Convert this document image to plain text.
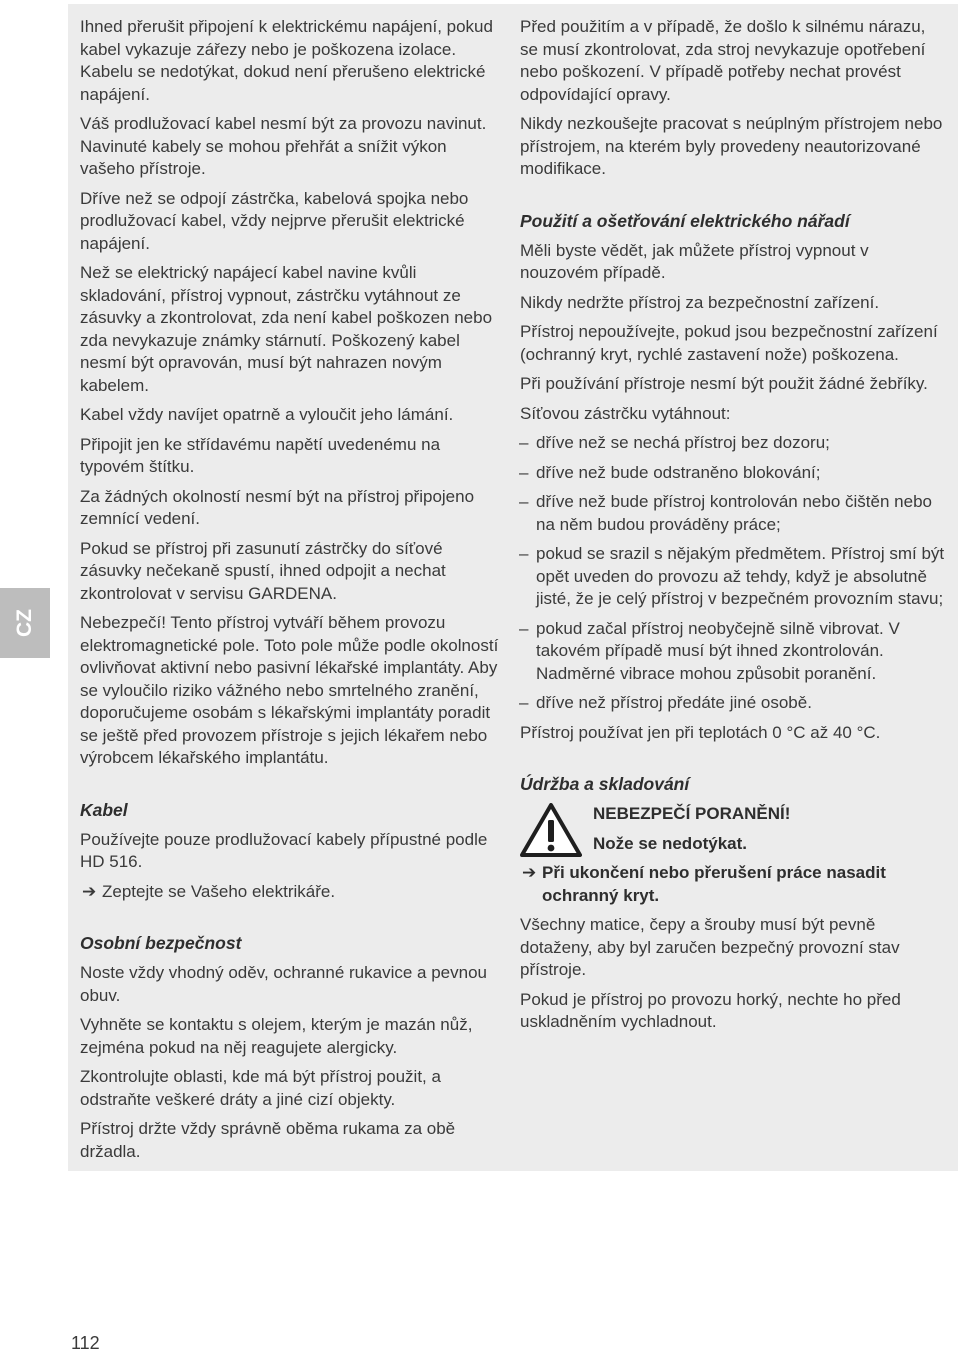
CZ

Ihned přerušit připojení k elektrickému napájení, pokud kabel vykazuje zářezy nebo je poškozena izolace. Kabelu se nedotýkat, dokud není přerušeno elektrické napájení.

Váš prodlužovací kabel nesmí být za provozu navinut. Navinuté kabely se mohou přehřát a snížit výkon vašeho přístroje.

Dříve než se odpojí zástrčka, kabelová spojka nebo prodlužovací kabel, vždy nejprve přerušit elektrické napájení.

Než se elektrický napájecí kabel navine kvůli skladování, přístroj vypnout, zástrčku vytáhnout ze zásuvky a zkontrolovat, zda není kabel poškozen nebo zda nevykazuje známky stárnutí. Poškozený kabel nesmí být opravován, musí být nahrazen novým kabelem.

Kabel vždy navíjet opatrně a vyloučit jeho lámání.

Připojit jen ke střídavému napětí uvedenému na typovém štítku.

Za žádných okolností nesmí být na přístroj připojeno zemnící vedení.

Pokud se přístroj při zasunutí zástrčky do síťové zásuvky nečekaně spustí, ihned odpojit a nechat zkontrolovat v servisu GARDENA.

Nebezpečí! Tento přístroj vytváří během provozu elektromagnetické pole. Toto pole může podle okolností ovlivňovat aktivní nebo pasivní lékařské implantáty. Aby se vyloučilo riziko vážného nebo smrtelného zranění, doporučujeme osobám s lékařskými implantáty poradit se ještě před provozem přístroje s jejich lékařem nebo výrobcem lékařského implantátu.

Kabel

Používejte pouze prodlužovací kabely přípustné podle HD 516.

➔ Zeptejte se Vašeho elektrikáře.
Osobní bezpečnost

Noste vždy vhodný oděv, ochranné rukavice a pevnou obuv.

Vyhněte se kontaktu s olejem, kterým je mazán nůž, zejména pokud na něj reagujete alergicky.

Zkontrolujte oblasti, kde má být přístroj použit, a odstraňte veškeré dráty a jiné cizí objekty.

Přístroj držte vždy správně oběma rukama za obě držadla.

Před použitím a v případě, že došlo k silnému nárazu, se musí zkontrolovat, zda stroj nevykazuje opotřebení nebo poškození. V případě potřeby nechat provést odpovídající opravy.

Nikdy nezkoušejte pracovat s neúplným přístrojem nebo přístrojem, na kterém byly provedeny neautorizované modifikace.

Použití a ošetřování elektrického nářadí

Měli byste vědět, jak můžete přístroj vypnout v nouzovém případě.

Nikdy nedržte přístroj za bezpečnostní zařízení.

Přístroj nepoužívejte, pokud jsou bezpečnostní zařízení (ochranný kryt, rychlé zastavení nože) poškozena.

Při používání přístroje nesmí být použit žádné žebříky.

Síťovou zástrčku vytáhnout:

– dříve než se nechá přístroj bez dozoru;
– dříve než bude odstraněno blokování;
– dříve než bude přístroj kontrolován nebo čištěn nebo na něm budou prováděny práce;
– pokud se srazil s nějakým předmětem. Přístroj smí být opět uveden do provozu až tehdy, když je absolutně jisté, že je celý přístroj v bezpečném provozním stavu;
– pokud začal přístroj neobyčejně silně vibrovat. V takovém případě musí být ihned zkontrolován. Nadměrné vibrace mohou způsobit poranění.
– dříve než přístroj předáte jiné osobě.

Přístroj používat jen při teplotách 0 °C až 40 °C.

Údržba a skladování

NEBEZPEČÍ PORANĚNÍ!

Nože se nedotýkat.

➔ Při ukončení nebo přerušení práce nasadit ochranný kryt.

Všechny matice, čepy a šrouby musí být pevně dotaženy, aby byl zaručen bezpečný provozní stav přístroje.

Pokud je přístroj po provozu horký, nechte ho před uskladněním vychladnout.

112
